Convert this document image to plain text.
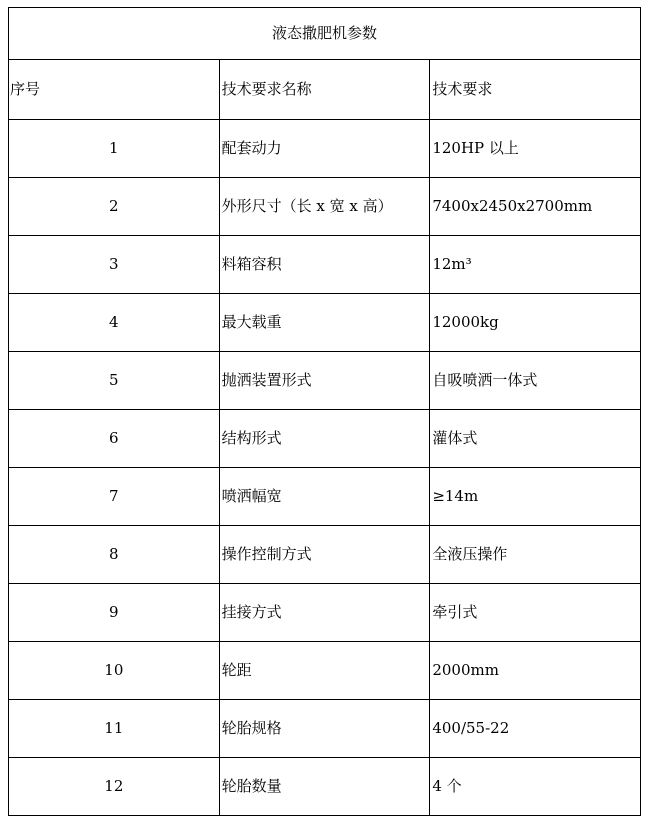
液态撒肥机参数		
序号	技术要求名称	技术要求
1	配套动力	120HP 以上
2	外形尺寸（长 x 宽 x 高）	7400x2450x2700mm
3	料箱容积	12m³
4	最大载重	12000kg
5	抛洒装置形式	自吸喷洒一体式
6	结构形式	灌体式
7	喷洒幅宽	≥14m
8	操作控制方式	全液压操作
9	挂接方式	牵引式
10	轮距	2000mm
11	轮胎规格	400/55-22
12	轮胎数量	4 个
